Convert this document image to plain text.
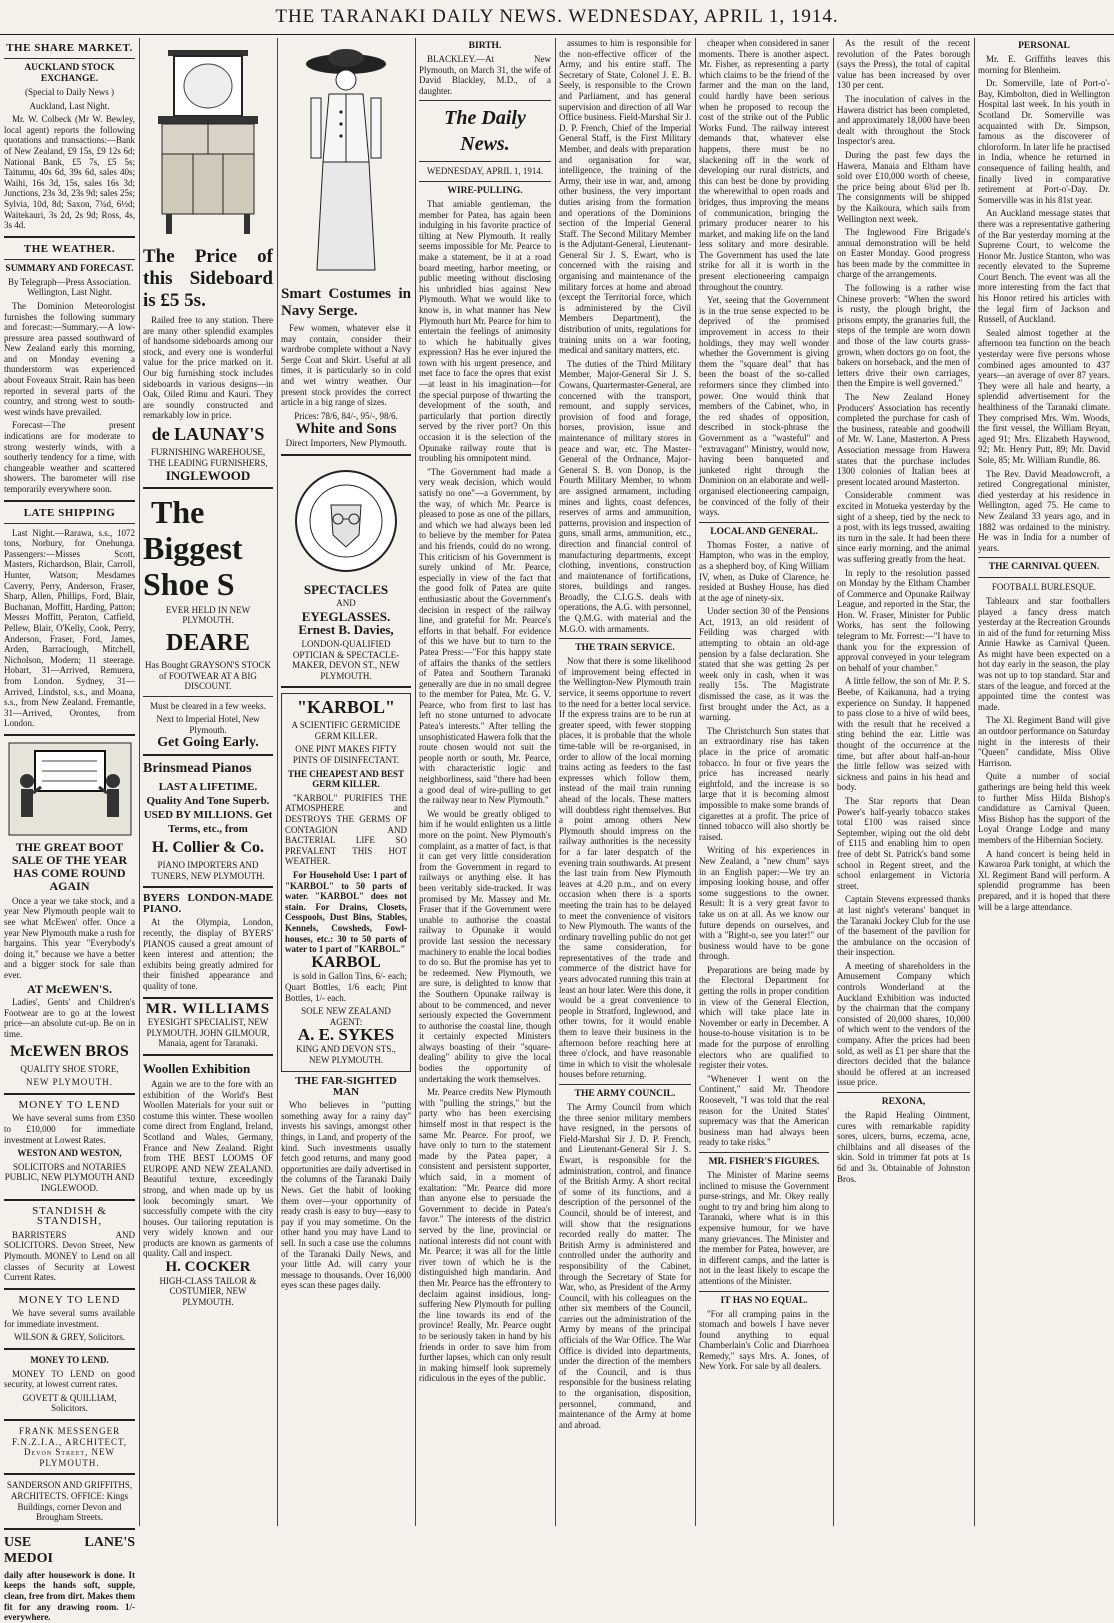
THE TARANAKI DAILY NEWS. WEDNESDAY, APRIL 1, 1914.
THE SHARE MARKET.
AUCKLAND STOCK EXCHANGE.

(Special to Daily News )

Auckland, Last Night.

Mr. W. Colbeck (Mr W. Bewley, local agent) reports the following quotations and transactions:—Bank of New Zealand, £9 15s, £9 12s 6d; National Bank, £5 7s, £5 5s; Taitumu, 40s 6d, 39s 6d, sales 40s; Waihi, 16s 3d, 15s, sales 16s 3d; Junctions, 23s 3d, 23s 9d; sales 25s; Sylvia, 10d, 8d; Saxon, 7¾d, 6½d; Waitekauri, 3s 2d, 2s 9d; Ross, 4s, 3s 4d.

THE WEATHER.
SUMMARY AND FORECAST.

By Telegraph—Press Association. Wellington, Last Night.

The Dominion Meteorologist furnishes the following summary and forecast:—Summary.—A low-pressure area passed southward of New Zealand early this morning, and on Monday evening a thunderstorm was experienced about Foveaux Strait. Rain has been reported in several parts of the country, and strong west to south-west winds have prevailed.

Forecast—The present indications are for moderate to strong westerly winds, with a southerly tendency for a time, with changeable weather and scattered showers. The barometer will rise temporarily everywhere soon.

LATE SHIPPING

Last Night.—Rarawa, s.s., 1072 tons, Norbury, for Onehunga. Passengers:—Misses Scott, Masters, Richardson, Blair, Carroll, Hunter, Watson; Mesdames Caverry, Perry, Anderson, Fraser, Sharp, Allen, Phillips, Ford, Blair, Buchanan, Moffitt, Harding, Patton; Messrs Moffitt, Peraton, Catfield, Pellew, Blair, O'Kelly, Cook, Perry, Anderson, Fraser, Ford, James, Arden, Barraclough, Mitchell, Nicholson, Modern; 11 steerage. Hobart, 31—Arrived, Remuera, from London. Sydney, 31—Arrived, Lindstol, s.s., and Moana, s.s., from New Zealand. Fremantle, 31—Arrived, Orontes, from London.

THE GREAT BOOT SALE OF THE YEAR HAS COME ROUND AGAIN

Once a year we take stock, and a year New Plymouth people wait to see what McEwen' offer. Once a year New Plymouth make a rush for bargains. This year "Everybody's doing it," because we have a better and a bigger stock for sale than ever.

AT McEWEN'S.

Ladies', Gents' and Children's Footwear are to go at the lowest price—an absolute cut-up. Be on in time.

McEWEN BROS

QUALITY SHOE STORE,

NEW PLYMOUTH.

MONEY TO LEND

We have several sums from £350 to £10,000 for immediate investment at Lowest Rates.

WESTON AND WESTON,

SOLICITORS and NOTARIES PUBLIC, NEW PLYMOUTH AND INGLEWOOD.

STANDISH & STANDISH,

BARRISTERS AND SOLICITORS. Devon Street, New Plymouth. MONEY to Lend on all classes of Security at Lowest Current Rates.

MONEY TO LEND

We have several sums available for immediate investment.

WILSON & GREY, Solicitors.

MONEY TO LEND.

MONEY TO LEND on good security, at lowest current rates.

GOVETT & QUILLIAM, Solicitors.

FRANK MESSENGER F.N.Z.I.A., ARCHITECT, Devon Street, NEW PLYMOUTH.

SANDERSON AND GRIFFITHS, ARCHITECTS. OFFICE: Kings Buildings, corner Devon and Brougham Streets.

USE LANE'S MEDOI

daily after housework is done. It keeps the hands soft, supple, clean, free from dirt. Makes them fit for any drawing room. 1/- everywhere.

The Price of this Sideboard is £5 5s.

Railed free to any station. There are many other splendid examples of handsome sideboards among our stock, and every one is wonderful value for the price marked on it. Our big furnishing stock includes sideboards in various designs—in Oak, Oiled Rimu and Kauri. They are soundly constructed and remarkably low in price.

de LAUNAY'S

FURNISHING WAREHOUSE, THE LEADING FURNISHERS,

INGLEWOOD

The Biggest Shoe S

EVER HELD IN NEW PLYMOUTH.

DEARE

Has Bought GRAYSON'S STOCK of FOOTWEAR AT A BIG DISCOUNT.

Must be cleared in a few weeks.

Next to Imperial Hotel, New Plymouth.

Get Going Early.

Brinsmead Pianos

LAST A LIFETIME. Quality And Tone Superb. USED BY MILLIONS. Get Terms, etc., from

H. Collier & Co.

PIANO IMPORTERS AND TUNERS, NEW PLYMOUTH.

BYERS LONDON-MADE PIANO.

At the Olympia, London, recently, the display of BYERS' PIANOS caused a great amount of keen interest and attention; the exhibits being greatly admired for their finished appearance and quality of tone.

MR. WILLIAMS

EYESIGHT SPECIALIST, NEW PLYMOUTH. JOHN GILMOUR, Manaia, agent for Taranaki.

Woollen Exhibition

Again we are to the fore with an exhibition of the World's Best Woollen Materials for your suit or costume this winter. These woollen come direct from England, Ireland, Scotland and Wales, Germany, France and New Zealand. Right from THE BEST LOOMS OF EUROPE AND NEW ZEALAND. Beautiful texture, exceedingly strong, and when made up by us look becomingly smart. We successfully compete with the city houses. Our tailoring reputation is very widely known and our products are known as garments of quality. Call and inspect.

H. COCKER

HIGH-CLASS TAILOR & COSTUMIER, NEW PLYMOUTH.

Smart Costumes in Navy Serge.

Few women, whatever else it may contain, consider their wardrobe complete without a Navy Serge Coat and Skirt. Useful at all times, it is particularly so in cold and wet wintry weather. Our present stock provides the correct article in a big range of sizes.

Prices: 78/6, 84/-, 95/-, 98/6.

White and Sons

Direct Importers, New Plymouth.

SPECTACLES

AND

EYEGLASSES.

Ernest B. Davies,

LONDON-QUALIFIED OPTICIAN & SPECTACLE-MAKER, DEVON ST., NEW PLYMOUTH.

"KARBOL"

A SCIENTIFIC GERMICIDE GERM KILLER.

ONE PINT MAKES FIFTY PINTS OF DISINFECTANT.

THE CHEAPEST AND BEST GERM KILLER.

"KARBOL" PURIFIES THE ATMOSPHERE and DESTROYS THE GERMS OF CONTAGION AND BACTERIAL LIFE SO PREVALENT THIS HOT WEATHER.

For Household Use: 1 part of "KARBOL" to 50 parts of water. "KARBOL" does not stain. For Drains, Closets, Cesspools, Dust Bins, Stables, Kennels, Cowsheds, Fowl-houses, etc.: 30 to 50 parts of water to 1 part of "KARBOL."

KARBOL

is sold in Gallon Tins, 6/- each; Quart Bottles, 1/6 each; Pint Bottles, 1/- each.

SOLE NEW ZEALAND AGENT:

A. E. SYKES

KING AND DEVON STS., NEW PLYMOUTH.

THE FAR-SIGHTED MAN

Who believes in "putting something away for a rainy day" invests his savings, amongst other things, in Land, and property of the kind. Such investments usually fetch good returns, and many good opportunities are daily advertised in the columns of the Taranaki Daily News. Get the habit of looking them over—your opportunity of ready crash is easy to buy—easy to pay if you may sometime. On the other hand you may have Land to sell. In such a case use the columns of the Taranaki Daily News, and your little Ad. will carry your message to thousands. Over 16,000 eyes scan these pages daily.

BIRTH.

BLACKLEY.—At New Plymouth, on March 31, the wife of David Blackley, M.D., of a daughter.

The Daily News.

WEDNESDAY, APRIL 1, 1914.

WIRE-PULLING.

That amiable gentleman, the member for Patea, has again been indulging in his favorite practice of tilting at New Plymouth. It really seems impossible for Mr. Pearce to make a statement, be it at a road board meeting, harbor meeting, or public meeting without disclosing his unbridled bias against New Plymouth. What we would like to know is, in what manner has New Plymouth hurt Mr. Pearce for him to entertain the feelings of animosity to which he habitually gives expression? Has he ever injured the town with his urgent presence, and met face to face the opres that exist—at least in his imagination—for the special purpose of thwarting the development of the south, and particularly that portion directly served by the river port? On this occasion it is the selection of the Opunake railway route that is troubling his omnipotent mind.

"The Government had made a very weak decision, which would satisfy no one"—a Government, by the way, of which Mr. Pearce is pleased to pose as one of the pillars, and which we had always been led to believe by the member for Patea and his friends, could do no wrong. This criticism of his Government is surely unkind of Mr. Pearce, especially in view of the fact that the good folk of Patea are quite enthusiastic about the Government's decision in respect of the railway line, and grateful for Mr. Pearce's efforts in that behalf. For evidence of this we have but to turn to the Patea Press:—"For this happy state of affairs the thanks of the settlers of Patea and Southern Taranaki generally are due in no small degree to the member for Patea, Mr. G. V. Pearce, who from first to last has left no stone unturned to advocate Patea's interests." After telling the unsophisticated Hawera folk that the route chosen would not suit the people north or south, Mr. Pearce, with characteristic logic and neighborliness, said "there had been a good deal of wire-pulling to get the railway near to New Plymouth."

We would be greatly obliged to him if he would enlighten us a little more on the point. New Plymouth's complaint, as a matter of fact, is that it can get very little consideration from the Government in regard to railways or anything else. It has been veritably side-tracked. It was promised by Mr. Massey and Mr. Fraser that if the Government were unable to authorise the coastal railway to Opunake it would provide last session the necessary machinery to enable the local bodies to do so. But the promise has yet to be redeemed. New Plymouth, we are sure, is delighted to know that the Southern Opunake railway is about to be commenced, and never seriously expected the Government to authorise the coastal line, though it certainly expected Ministers always boasting of their "square-dealing" ability to give the local bodies the opportunity of undertaking the work themselves.

Mr. Pearce credits New Plymouth with "pulling the strings," but the party who has been exercising himself most in that respect is the same Mr. Pearce. For proof, we have only to turn to the statement made by the Patea paper, a consistent and persistent supporter, which said, in a moment of exaltation: "Mr. Pearce did more than anyone else to persuade the Government to decide in Patea's favor." The interests of the district served by the line, provincial or national interests did not count with Mr. Pearce; it was all for the little river town of which he is the distinguished high mandarin. And then Mr. Pearce has the effrontery to declaim against insidious, long-suffering New Plymouth for pulling the line towards its end of the province! Really, Mr. Pearce ought to be seriously taken in hand by his friends in order to save him from further lapses, which can only result in making himself look supremely ridiculous in the eyes of the public.

assumes to him is responsible for the non-effective officer of the Army, and his entire staff. The Secretary of State, Colonel J. E. B. Seely, is responsible to the Crown and Parliament, and has general supervision and direction of all War Office business. Field-Marshal Sir J. D. P. French, Chief of the Imperial General Staff, is the First Military Member, and deals with preparation and organisation for war, intelligence, the training of the Army, their use in war, and, among other business, the very important duties arising from the formation and operations of the Dominions section of the Imperial General Staff. The Second Military Member is the Adjutant-General, Lieutenant-General Sir J. S. Ewart, who is concerned with the raising and organising and maintenance of the military forces at home and abroad (except the Territorial force, which is administered by the Civil Members Department), the distribution of units, regulations for training units on a war footing, medical and sanitary matters, etc.

The duties of the Third Military Member, Major-General Sir J. S. Cowans, Quartermaster-General, are concerned with the transport, remount, and supply services, provision of food and forage, horses, provision, issue and maintenance of military stores in peace and war, etc. The Master-General of the Ordnance, Major-General S. B. von Donop, is the Fourth Military Member, to whom are assigned armament, including mines and lights, coast defences, reserves of arms and ammunition, patterns, provision and inspection of guns, small arms, ammunition, etc., direction and financial control of manufacturing departments, except clothing, inventions, construction and maintenance of fortifications, stores, buildings and ranges. Broadly, the C.I.G.S. deals with operations, the A.G. with personnel, the Q.M.G. with material and the M.G.O. with armaments.

THE TRAIN SERVICE.

Now that there is some likelihood of improvement being effected in the Wellington-New Plymouth train service, it seems opportune to revert to the need for a better local service. If the express trains are to be run at greater speed, with fewer stopping places, it is probable that the whole time-table will be re-organised, in order to allow of the local morning trains acting as feeders to the fast expresses which follow them, instead of the mail train running ahead of the locals. These matters will doubtless right themselves. But a point among others New Plymouth should impress on the railway authorities is the necessity for a far later despatch of the evening train southwards. At present the last train from New Plymouth leaves at 4.20 p.m., and on every occasion when there is a sports meeting the train has to be delayed to meet the convenience of visitors to New Plymouth. The wants of the ordinary travelling public do not get the same consideration, for representatives of the trade and commerce of the district have for years advocated running this train at least an hour later. Were this done, it would be a great convenience to people in Stratford, Inglewood, and other towns, for it would enable them to leave their business in the afternoon before reaching here at three o'clock, and have reasonable time in which to visit the wholesale houses before returning.

THE ARMY COUNCIL.

The Army Council from which the three senior military members have resigned, in the persons of Field-Marshal Sir J. D. P. French, and Lieutenant-General Sir J. S. Ewart, is responsible for the administration, control, and finance of the British Army. A short recital of some of its functions, and a description of the personnel of the Council, should be of interest, and will show that the resignations recorded really do matter. The British Army is administered and controlled under the authority and responsibility of the Cabinet, through the Secretary of State for War, who, as President of the Army Council, with his colleagues on the other six members of the Council, carries out the administration of the Army by means of the principal officials of the War Office. The War Office is divided into departments, under the direction of the members of the Council, and is thus responsible for the business relating to the organisation, disposition, personnel, command, and maintenance of the Army at home and abroad.

cheaper when considered in saner moments. There is another aspect. Mr. Fisher, as representing a party which claims to be the friend of the farmer and the man on the land, could hardly have been serious when he proposed to recoup the cost of the strike out of the Public Works Fund. The railway interest demands that, whatever else happens, there must be no slackening off in the work of developing our rural districts, and this can best be done by providing the wherewithal to open roads and bridges, thus improving the means of communication, bringing the primary producer nearer to his market, and making life on the land less solitary and more desirable. The Government has used the late strike for all it is worth in the present electioneering campaign throughout the country.

Yet, seeing that the Government is in the true sense expected to be deprived of the promised improvement in access to their holdings, they may well wonder whether the Government is giving them the "square deal" that has been the boast of the so-called reformers since they climbed into power. One would think that members of the Cabinet, who, in the red shades of opposition, described in stock-phrase the Government as a "wasteful" and "extravagant" Ministry, would now, having been banqueted and junketed right through the Dominion on an elaborate and well-organised electioneering campaign, be convinced of the folly of their ways.

LOCAL AND GENERAL.

Thomas Foster, a native of Hampton, who was in the employ, as a shepherd boy, of King William IV, when, as Duke of Clarence, he resided at Bushey House, has died at the age of ninety-six.

Under section 30 of the Pensions Act, 1913, an old resident of Feilding was charged with attempting to obtain an old-age pension by a false declaration. She stated that she was getting 2s per week only in cash, when it was really 15s. The Magistrate dismissed the case, as it was the first brought under the Act, as a warning.

The Christchurch Sun states that an extraordinary rise has taken place in the price of aromatic tobacco. In four or five years the price has increased nearly eightfold, and the increase is so large that it is becoming almost impossible to make some brands of cigarettes at a profit. The price of tinned tobacco will also shortly be raised.

Writing of his experiences in New Zealand, a "new chum" says in an English paper:—We try an imposing looking house, and offer some suggestions to the owner. Result: It is a very great favor to take us on at all. As we know our future depends on ourselves, and with a "Right-o, see you later!" our business would have to be gone through.

Preparations are being made by the Electoral Department for getting the rolls in proper condition in view of the General Election, which will take place late in November or early in December. A house-to-house visitation is to be made for the purpose of enrolling electors who are qualified to register their votes.

"Whenever I went on the Continent," said Mr. Theodore Roosevelt, "I was told that the real reason for the United States' supremacy was that the American business man had always been ready to take risks."

MR. FISHER'S FIGURES.

The Minister of Marine seems inclined to misuse the Government purse-strings, and Mr. Okey really ought to try and bring him along to Taranaki, where what is in this expensive humour, for we have many grievances. The Minister and the member for Patea, however, are in different camps, and the latter is not in the least likely to escape the attentions of the Minister.

IT HAS NO EQUAL.

"For all cramping pains in the stomach and bowels I have never found anything to equal Chamberlain's Colic and Diarrhoea Remedy," says Mrs. A. Jones, of New York. For sale by all dealers.

As the result of the recent revolution of the Pates borough (says the Press), the total of capital value has been increased by over 130 per cent.

The inoculation of calves in the Hawera district has been completed, and approximately 18,000 have been dealt with throughout the Stock Inspector's area.

During the past few days the Hawera, Manaia and Eltham have sold over £10,000 worth of cheese, the price being about 6¾d per lb. The consignments will be shipped by the Kaikoura, which sails from Wellington next week.

The Inglewood Fire Brigade's annual demonstration will be held on Easter Monday. Good progress has been made by the committee in charge of the arrangements.

The following is a rather wise Chinese proverb: "When the sword is rusty, the plough bright, the prisons empty, the granaries full, the steps of the temple are worn down and those of the law courts grass-grown, when doctors go on foot, the bakers on horseback, and the men of letters drive their own carriages, then the Empire is well governed."

The New Zealand Honey Producers' Association has recently completed the purchase for cash of the business, rateable and goodwill of Mr. W. Lane, Masterton. A Press Association message from Hawera states that the purchase includes 1300 colonies of Italian bees at present located around Masterton.

Considerable comment was excited in Motueka yesterday by the sight of a sheep, tied by the neck to a post, with its legs trussed, awaiting its turn in the sale. It had been there since early morning, and the animal was suffering greatly from the heat.

In reply to the resolution passed on Monday by the Eltham Chamber of Commerce and Opunake Railway League, and reported in the Star, the Hon. W. Fraser, Minister for Public Works, has sent the following telegram to Mr. Forrest:—"I have to thank you for the expression of approval conveyed in your telegram on behalf of your chamber."

A little fellow, the son of Mr. P. S. Beebe, of Kaikanuna, had a trying experience on Sunday. It happened to pass close to a hive of wild bees, with the result that he received a sting behind the ear. Little was thought of the occurrence at the time, but after about half-an-hour the little fellow was seized with sickness and pains in his head and body.

The Star reports that Dean Power's half-yearly tobacco stakes total £100 was raised since September, wiping out the old debt of £115 and enabling him to open free of debt St. Patrick's band some school in Regent street, and the school enlargement in Victoria street.

Captain Stevens expressed thanks at last night's veterans' banquet in the Taranaki Jockey Club for the use of the basement of the pavilion for the ambulance on the occasion of their inspection.

A meeting of shareholders in the Amusement Company which controls Wonderland at the Auckland Exhibition was inducted by the chairman that the company consisted of 20,000 shares, 10,000 of which went to the vendors of the company. After the prices had been sold, as well as £1 per share that the directors decided that the balance should be offered at an increased issue price.

REXONA,

the Rapid Healing Ointment, cures with remarkable rapidity sores, ulcers, burns, eczema, acne, chilblains and all diseases of the skin. Sold in trimmer fat pots at 1s 6d and 3s. Obtainable of Johnston Bros.

PERSONAL

Mr. E. Griffiths leaves this morning for Blenheim.

Dr. Somerville, late of Port-o'-Bay, Kimbolton, died in Wellington Hospital last week. In his youth in Scotland Dr. Somerville was acquainted with Dr. Simpson, famous as the discoverer of chloroform. In later life he practised in India, whence he returned in consequence of failing health, and finally lived in comparative retirement at Port-o'-Day. Dr. Somerville was in his 81st year.

An Auckland message states that there was a representative gathering of the Bar yesterday morning at the Supreme Court, to welcome the Honor Mr. Justice Stanton, who was recently elevated to the Supreme Court Bench. The event was all the more interesting from the fact that his Honor retired his articles with the legal firm of Jackson and Russell, of Auckland.

Sealed almost together at the afternoon tea function on the beach yesterday were five persons whose combined ages amounted to 437 years—an average of over 87 years. They were all hale and hearty, a splendid advertisement for the healthiness of the Taranaki climate. They comprised Mrs. Wm. Woods, the first vessel, the William Bryan, aged 91; Mrs. Elizabeth Haywood, 92; Mr. Henry Putt, 89; Mr. David Sole, 85; Mr. William Rundle, 86.

The Rev. David Meadowcroft, a retired Congregational minister, died yesterday at his residence in Wellington, aged 75. He came to New Zealand 33 years ago, and in 1882 was ordained to the ministry. He was in India for a number of years.

THE CARNIVAL QUEEN.

FOOTBALL BURLESQUE.

Tableaux and star footballers played a fancy dress match yesterday at the Recreation Grounds in aid of the fund for returning Miss Annie Hawke as Carnival Queen. As might have been expected on a hot day early in the season, the play was not up to top standard. Star and stars of the league, and forced at the appointed time the contest was made.

The Xl. Regiment Band will give an outdoor performance on Saturday night in the interests of their "Queen" candidate, Miss Olive Harrison.

Quite a number of social gatherings are being held this week to further Miss Hilda Bishop's candidature as Carnival Queen. Miss Bishop has the support of the Loyal Orange Lodge and many members of the Hibernian Society.

A hand concert is being held in Kawaroa Park tonight, at which the Xl. Regiment Band will perform. A splendid programme has been prepared, and it is hoped that there will be a large attendance.
